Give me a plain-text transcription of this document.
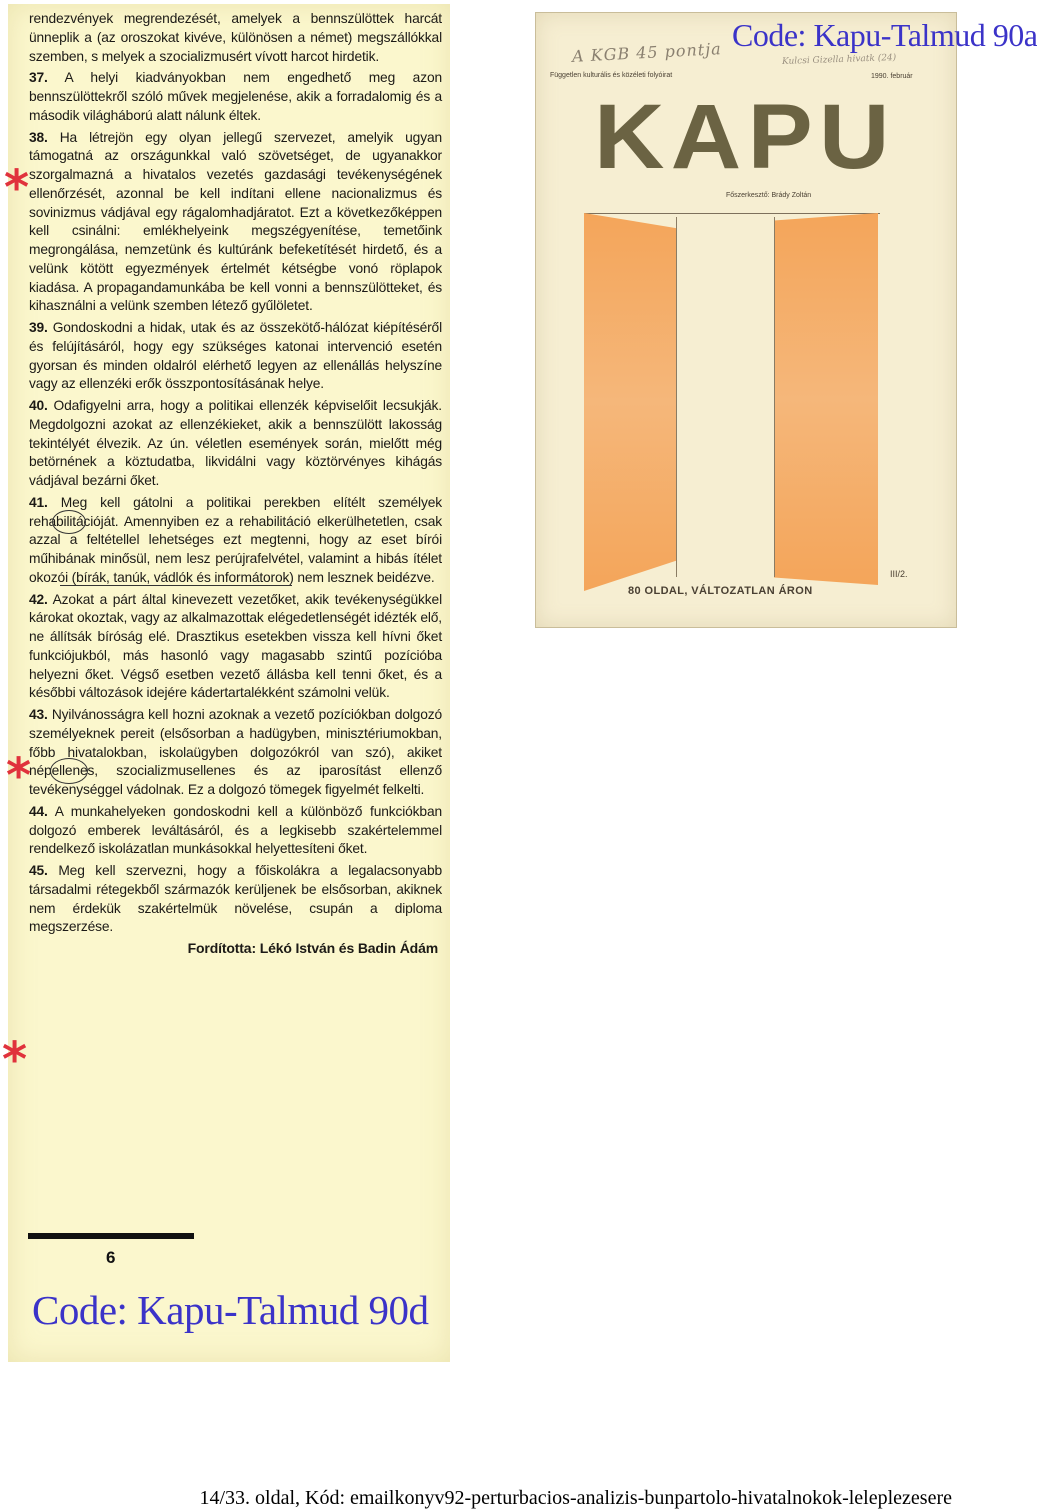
rendezvények megrendezését, amelyek a bennszülöttek harcát ünneplik a (az oroszokat kivéve, különösen a német) megszállókkal szemben, s melyek a szocializmusért vívott harcot hirdetik.

37. A helyi kiadványokban nem engedhető meg azon bennszülöttekről szóló művek megjelenése, akik a forradalomig és a második világháború alatt nálunk éltek.

38. Ha létrejön egy olyan jellegű szervezet, amelyik ugyan támogatná az országunkkal való szövetséget, de ugyanakkor szorgalmazná a hivatalos vezetés gazdasági tevékenységének ellenőrzését, azonnal be kell indítani ellene nacionalizmus és sovinizmus vádjával egy rágalomhadjáratot. Ezt a következőképpen kell csinálni: emlékhelyeink megszégyenítése, temetőink megrongálása, nemzetünk és kultúránk befeketítését hirdető, és a velünk kötött egyezmények értelmét kétségbe vonó röplapok kiadása. A propagandamunkába be kell vonni a bennszülötteket, és kihasználni a velünk szemben létező gyűlöletet.

39. Gondoskodni a hidak, utak és az összekötő-hálózat kiépítéséről és felújításáról, hogy egy szükséges katonai intervenció esetén gyorsan és minden oldalról elérhető legyen az ellenállás helyszíne vagy az ellenzéki erők összpontosításának helye.

40. Odafigyelni arra, hogy a politikai ellenzék képviselőit lecsukják. Megdolgozni azokat az ellenzékieket, akik a bennszülött lakosság tekintélyét élvezik. Az ún. véletlen események során, mielőtt még betörnének a köztudatba, likvidálni vagy köztörvényes kihágás vádjával bezárni őket.

41. Meg kell gátolni a politikai perekben elítélt személyek rehabilitációját. Amennyiben ez a rehabilitáció elkerülhetetlen, csak azzal a feltétellel lehetséges ezt megtenni, hogy az eset bírói műhibának minősül, nem lesz perújrafelvétel, valamint a hibás ítélet okozói (bírák, tanúk, vádlók és informátorok) nem lesznek beidézve.

42. Azokat a párt által kinevezett vezetőket, akik tevékenységükkel károkat okoztak, vagy az alkalmazottak elégedetlenségét idézték elő, ne állítsák bíróság elé. Drasztikus esetekben vissza kell hívni őket funkciójukból, más hasonló vagy magasabb szintű pozícióba helyezni őket. Végső esetben vezető állásba kell tenni őket, és a későbbi változások idejére kádertartalékként számolni velük.

43. Nyilvánosságra kell hozni azoknak a vezető pozíciókban dolgozó személyeknek pereit (elsősorban a hadügyben, minisztériumokban, főbb hivatalokban, iskolaügyben dolgozókról van szó), akiket népellenes, szocializmusellenes és az iparosítást ellenző tevékenységgel vádolnak. Ez a dolgozó tömegek figyelmét felkelti.

44. A munkahelyeken gondoskodni kell a különböző funkciókban dolgozó emberek leváltásáról, és a legkisebb szakértelemmel rendelkező iskolázatlan munkásokkal helyettesíteni őket.

45. Meg kell szervezni, hogy a főiskolákra a legalacsonyabb társadalmi rétegekből származók kerüljenek be elsősorban, akiknek nem érdekük szakértelmük növelése, csupán a diploma megszerzése.

Fordította: Lékó István és Badin Ádám
*
*
*
6
Code: Kapu-Talmud 90d
Code: Kapu-Talmud 90a
A KGB 45 pontja	Kulcsi Gizella hivatk (24)
Független kulturális és közéleti folyóirat	1990. február
KAPU
Főszerkesztő: Brády Zoltán
80 OLDAL, VÁLTOZATLAN ÁRON
III/2.
14/33. oldal, Kód: emailkonyv92-perturbacios-analizis-bunpartolo-hivatalnokok-leleplezesere
